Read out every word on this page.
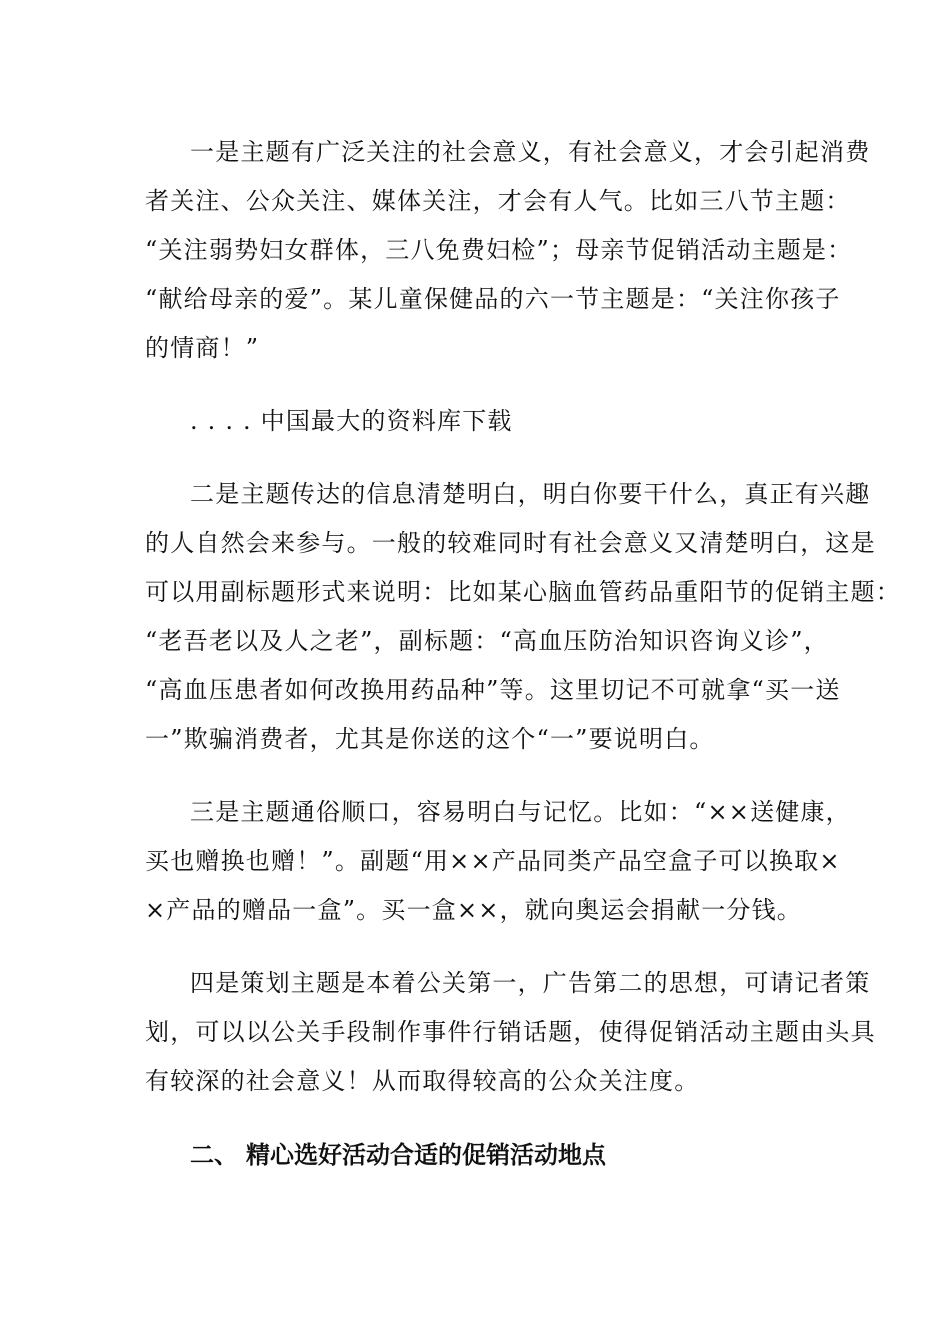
一是主题有广泛关注的社会意义，有社会意义，才会引起消费
者关注、公众关注、媒体关注，才会有人气。比如三八节主题：
“关注弱势妇女群体，三八免费妇检”；母亲节促销活动主题是：
“献给母亲的爱”。某儿童保健品的六一节主题是：“关注你孩子
的情商！”
. . . . 中国最大的资料库下载
二是主题传达的信息清楚明白，明白你要干什么，真正有兴趣
的人自然会来参与。一般的较难同时有社会意义又清楚明白，这是
可以用副标题形式来说明：比如某心脑血管药品重阳节的促销主题：
“老吾老以及人之老”，副标题：“高血压防治知识咨询义诊”，
“高血压患者如何改换用药品种”等。这里切记不可就拿“买一送
一”欺骗消费者，尤其是你送的这个“一”要说明白。
三是主题通俗顺口，容易明白与记忆。比如：“××送健康，
买也赠换也赠！”。副题“用××产品同类产品空盒子可以换取×
×产品的赠品一盒”。买一盒××，就向奥运会捐献一分钱。
四是策划主题是本着公关第一，广告第二的思想，可请记者策
划，可以以公关手段制作事件行销话题，使得促销活动主题由头具
有较深的社会意义！从而取得较高的公众关注度。
二、 精心选好活动合适的促销活动地点
